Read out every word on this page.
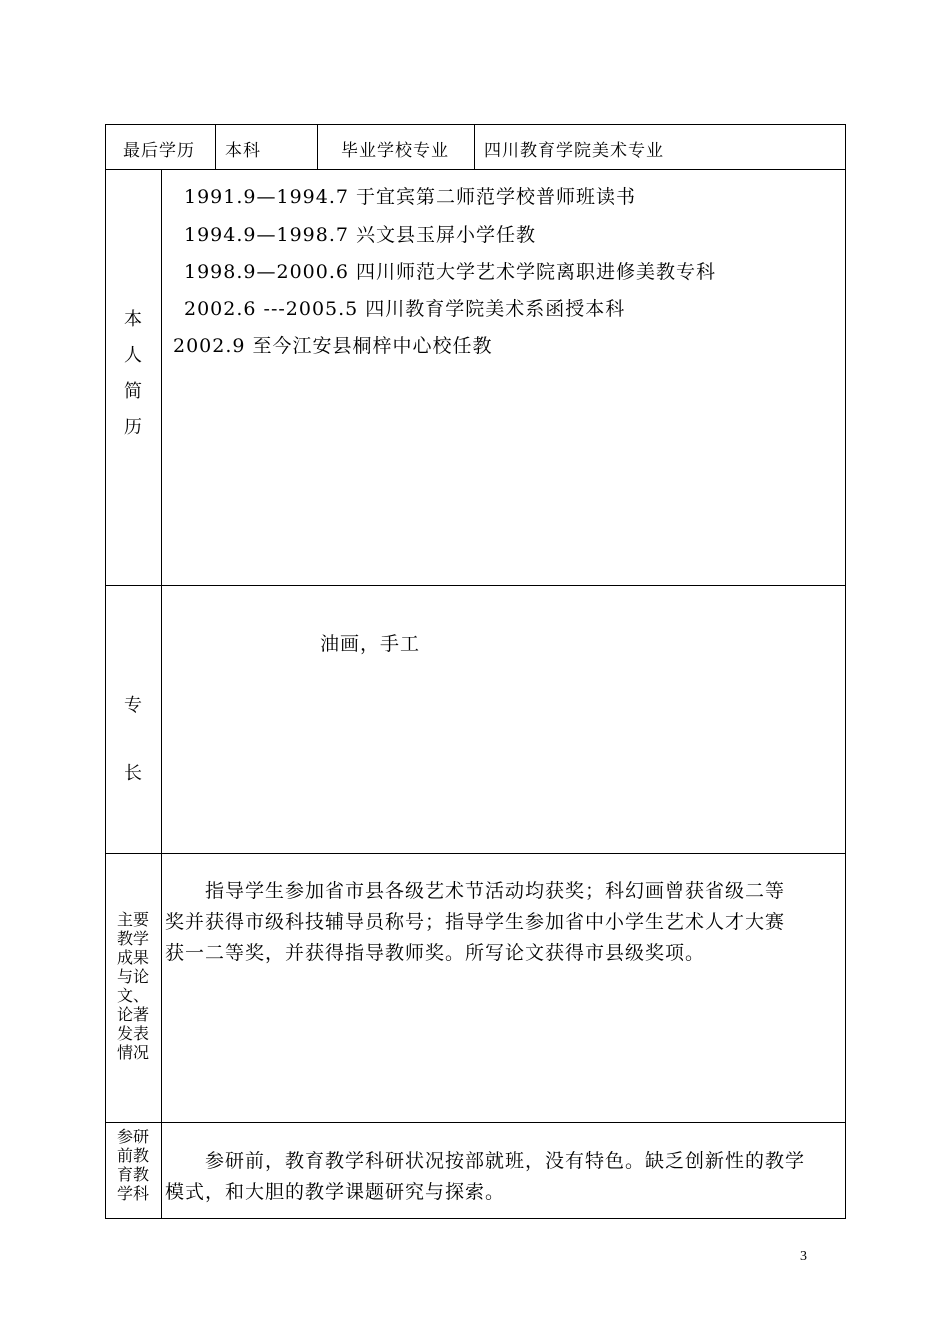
最后学历 本科	毕业学校专业 四川教育学院美术专业
本
人
简
历
1991.9—1994.7 于宜宾第二师范学校普师班读书
1994.9—1998.7 兴文县玉屏小学任教
1998.9—2000.6 四川师范大学艺术学院离职进修美教专科
2002.6 ---2005.5 四川教育学院美术系函授本科
2002.9 至今江安县桐梓中心校任教
专
长
油画，手工
主要
教学
成果
与论
文、
论著
发表
情况
　　指导学生参加省市县各级艺术节活动均获奖；科幻画曾获省级二等
奖并获得市级科技辅导员称号；指导学生参加省中小学生艺术人才大赛
获一二等奖，并获得指导教师奖。所写论文获得市县级奖项。
参研
前教
育教
学科
　　参研前，教育教学科研状况按部就班，没有特色。缺乏创新性的教学
模式，和大胆的教学课题研究与探索。
3
